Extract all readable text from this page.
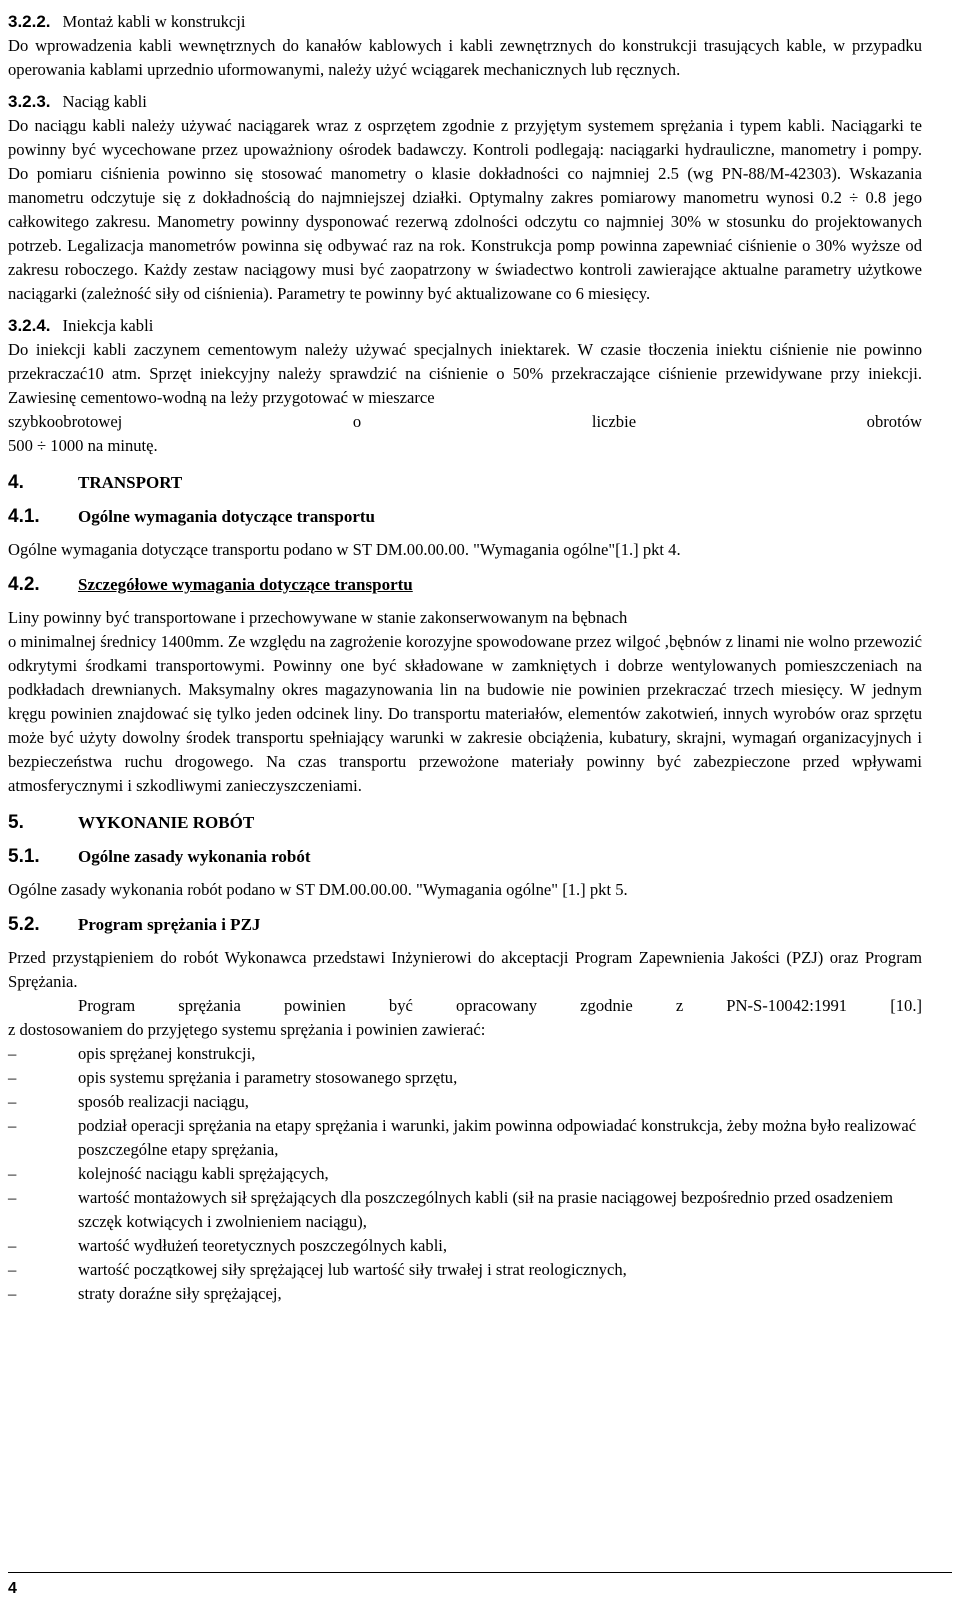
3.2.2. Montaż kabli w konstrukcji

Do wprowadzenia kabli wewnętrznych do kanałów kablowych i kabli zewnętrznych do konstrukcji trasujących kable, w przypadku operowania kablami uprzednio uformowanymi, należy użyć wciągarek mechanicznych lub ręcznych.

3.2.3. Naciąg kabli

Do naciągu kabli należy używać naciągarek wraz z osprzętem zgodnie z przyjętym systemem sprężania i typem kabli. Naciągarki te powinny być wycechowane przez upoważniony ośrodek badawczy. Kontroli podlegają: naciągarki hydrauliczne, manometry i pompy. Do pomiaru ciśnienia powinno się stosować manometry o klasie dokładności co najmniej 2.5 (wg PN-88/M-42303). Wskazania manometru odczytuje się z dokładnością do najmniejszej działki. Optymalny zakres pomiarowy manometru wynosi 0.2 ÷ 0.8 jego całkowitego zakresu. Manometry powinny dysponować rezerwą zdolności odczytu co najmniej 30% w stosunku do projektowanych potrzeb. Legalizacja manometrów powinna się odbywać raz na rok. Konstrukcja pomp powinna zapewniać ciśnienie o 30% wyższe od zakresu roboczego. Każdy zestaw naciągowy musi być zaopatrzony w świadectwo kontroli zawierające aktualne parametry użytkowe naciągarki (zależność siły od ciśnienia). Parametry te powinny być aktualizowane co 6 miesięcy.

3.2.4. Iniekcja kabli

Do iniekcji kabli zaczynem cementowym należy używać specjalnych iniektarek. W czasie tłoczenia iniektu ciśnienie nie powinno przekraczać10 atm. Sprzęt iniekcyjny należy sprawdzić na ciśnienie o 50% przekraczające ciśnienie przewidywane przy iniekcji. Zawiesinę cementowo-wodną na leży przygotować w mieszarce

szybkoobrotowej o liczbie obrotów

500 ÷ 1000 na minutę.

4.	TRANSPORT
4.1.	Ogólne wymagania dotyczące transportu

Ogólne wymagania dotyczące transportu podano w ST DM.00.00.00. "Wymagania ogólne"[1.] pkt 4.

4.2.	Szczegółowe wymagania dotyczące transportu

Liny powinny być transportowane i przechowywane w stanie zakonserwowanym na bębnach

o minimalnej średnicy 1400mm. Ze względu na zagrożenie korozyjne spowodowane przez wilgoć ,bębnów z linami nie wolno przewozić odkrytymi środkami transportowymi. Powinny one być składowane w zamkniętych i dobrze wentylowanych pomieszczeniach na podkładach drewnianych. Maksymalny okres magazynowania lin na budowie nie powinien przekraczać trzech miesięcy. W jednym kręgu powinien znajdować się tylko jeden odcinek liny. Do transportu materiałów, elementów zakotwień, innych wyrobów oraz sprzętu może być użyty dowolny środek transportu spełniający warunki w zakresie obciążenia, kubatury, skrajni, wymagań organizacyjnych i bezpieczeństwa ruchu drogowego. Na czas transportu przewożone materiały powinny być zabezpieczone przed wpływami atmosferycznymi i szkodliwymi zanieczyszczeniami.

5.	WYKONANIE ROBÓT
5.1.	Ogólne zasady wykonania robót

Ogólne zasady wykonania robót podano w ST DM.00.00.00. "Wymagania ogólne" [1.] pkt 5.

5.2.	Program sprężania i PZJ

Przed przystąpieniem do robót Wykonawca przedstawi Inżynierowi do akceptacji Program Zapewnienia Jakości (PZJ) oraz Program Sprężania.

Program sprężania powinien być opracowany zgodnie z PN-S-10042:1991 [10.]

z dostosowaniem do przyjętego systemu sprężania i powinien zawierać:

–	opis sprężanej konstrukcji,
–	opis systemu sprężania i parametry stosowanego sprzętu,
–	sposób realizacji naciągu,
–	podział operacji sprężania na etapy sprężania i warunki, jakim powinna odpowiadać konstrukcja, żeby można było realizować poszczególne etapy sprężania,
–	kolejność naciągu kabli sprężających,
–	wartość montażowych sił sprężających dla poszczególnych kabli (sił na prasie naciągowej bezpośrednio przed osadzeniem szczęk kotwiących i zwolnieniem naciągu),
–	wartość wydłużeń teoretycznych poszczególnych kabli,
–	wartość początkowej siły sprężającej lub wartość siły trwałej i strat reologicznych,
–	straty doraźne siły sprężającej,
4
